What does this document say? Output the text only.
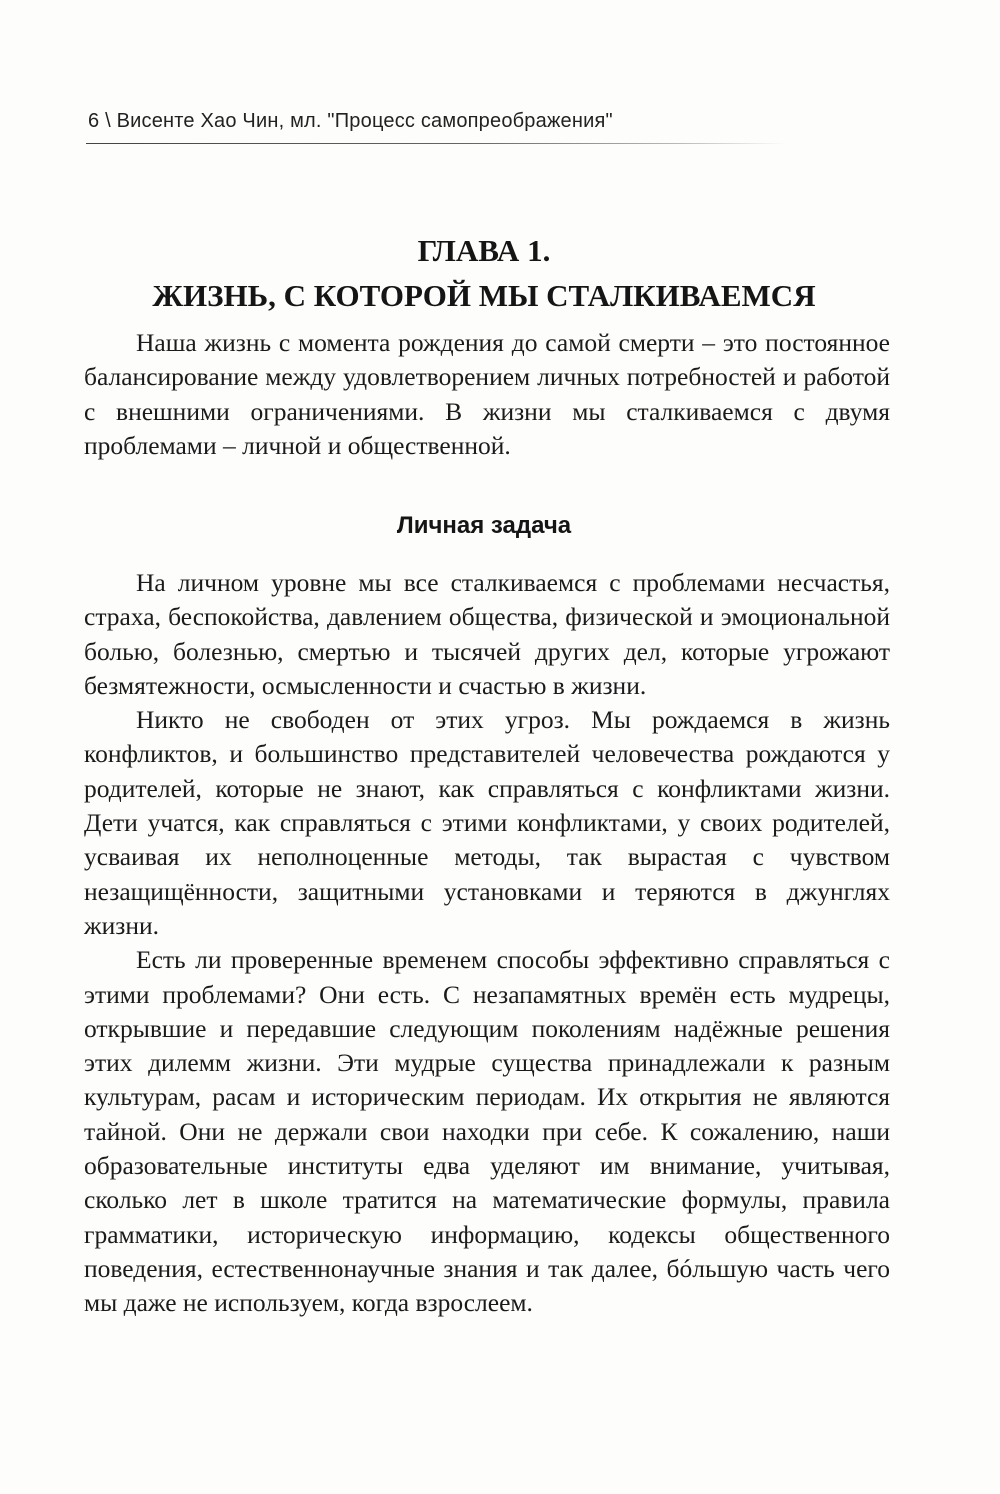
6 \ Висенте Хао Чин, мл. "Процесс самопреображения"
ГЛАВА 1.
ЖИЗНЬ, С КОТОРОЙ МЫ СТАЛКИВАЕМСЯ

Наша жизнь с момента рождения до самой смерти – это постоянное балансирование между удовлетворением личных потребностей и работой с внешними ограничениями. В жизни мы сталкиваемся с двумя проблемами – личной и общественной.

Личная задача

На личном уровне мы все сталкиваемся с проблемами несчастья, страха, беспокойства, давлением общества, физической и эмоциональной болью, болезнью, смертью и тысячей других дел, которые угрожают безмятежности, осмысленности и счастью в жизни.

Никто не свободен от этих угроз. Мы рождаемся в жизнь конфликтов, и большинство представителей человечества рождаются у родителей, которые не знают, как справляться с конфликтами жизни. Дети учатся, как справляться с этими конфликтами, у своих родителей, усваивая их неполноценные методы, так вырастая с чувством незащищённости, защитными установками и теряются в джунглях жизни.

Есть ли проверенные временем способы эффективно справляться с этими проблемами? Они есть. С незапамятных времён есть мудрецы, открывшие и передавшие следующим поколениям надёжные решения этих дилемм жизни. Эти мудрые существа принадлежали к разным культурам, расам и историческим периодам. Их открытия не являются тайной. Они не держали свои находки при себе. К сожалению, наши образовательные институты едва уделяют им внимание, учитывая, сколько лет в школе тратится на математические формулы, правила грамматики, историческую информацию, кодексы общественного поведения, естественнонаучные знания и так далее, бóльшую часть чего мы даже не используем, когда взрослеем.
